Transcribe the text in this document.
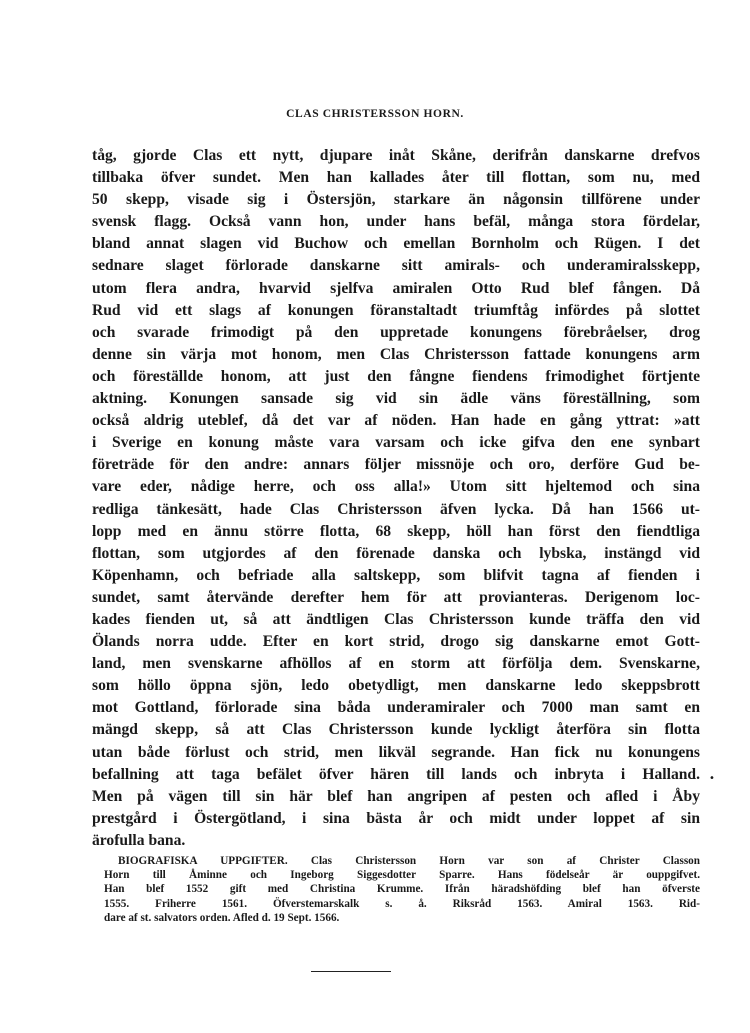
CLAS CHRISTERSSON HORN.
tåg, gjorde Clas ett nytt, djupare inåt Skåne, derifrån danskarne drefvos
tillbaka öfver sundet. Men han kallades åter till flottan, som nu, med
50 skepp, visade sig i Östersjön, starkare än någonsin tillförene under
svensk flagg. Också vann hon, under hans befäl, många stora fördelar,
bland annat slagen vid Buchow och emellan Bornholm och Rügen. I det
sednare slaget förlorade danskarne sitt amirals- och underamiralsskepp,
utom flera andra, hvarvid sjelfva amiralen Otto Rud blef fången. Då
Rud vid ett slags af konungen föranstaltadt triumftåg infördes på slottet
och svarade frimodigt på den uppretade konungens förebråelser, drog
denne sin värja mot honom, men Clas Christersson fattade konungens arm
och föreställde honom, att just den fångne fiendens frimodighet förtjente
aktning. Konungen sansade sig vid sin ädle väns föreställning, som
också aldrig uteblef, då det var af nöden. Han hade en gång yttrat: »att
i Sverige en konung måste vara varsam och icke gifva den ene synbart
företräde för den andre: annars följer missnöje och oro, derföre Gud be-
vare eder, nådige herre, och oss alla!» Utom sitt hjeltemod och sina
redliga tänkesätt, hade Clas Christersson äfven lycka. Då han 1566 ut-
lopp med en ännu större flotta, 68 skepp, höll han först den fiendtliga
flottan, som utgjordes af den förenade danska och lybska, instängd vid
Köpenhamn, och befriade alla saltskepp, som blifvit tagna af fienden i
sundet, samt återvände derefter hem för att provianteras. Derigenom loc-
kades fienden ut, så att ändtligen Clas Christersson kunde träffa den vid
Ölands norra udde. Efter en kort strid, drogo sig danskarne emot Gott-
land, men svenskarne afhöllos af en storm att förfölja dem. Svenskarne,
som höllo öppna sjön, ledo obetydligt, men danskarne ledo skeppsbrott
mot Gottland, förlorade sina båda underamiraler och 7000 man samt en
mängd skepp, så att Clas Christersson kunde lyckligt återföra sin flotta
utan både förlust och strid, men likväl segrande. Han fick nu konungens
befallning att taga befälet öfver hären till lands och inbryta i Halland.
Men på vägen till sin här blef han angripen af pesten och afled i Åby
prestgård i Östergötland, i sina bästa år och midt under loppet af sin
ärofulla bana.
BIOGRAFISKA UPPGIFTER. Clas Christersson Horn var son af Christer Classon
Horn till Åminne och Ingeborg Siggesdotter Sparre. Hans födelseår är ouppgifvet.
Han blef 1552 gift med Christina Krumme. Ifrån häradshöfding blef han öfverste
1555. Friherre 1561. Öfverstemarskalk s. å. Riksråd 1563. Amiral 1563. Rid-
dare af st. salvators orden. Afled d. 19 Sept. 1566.
•
